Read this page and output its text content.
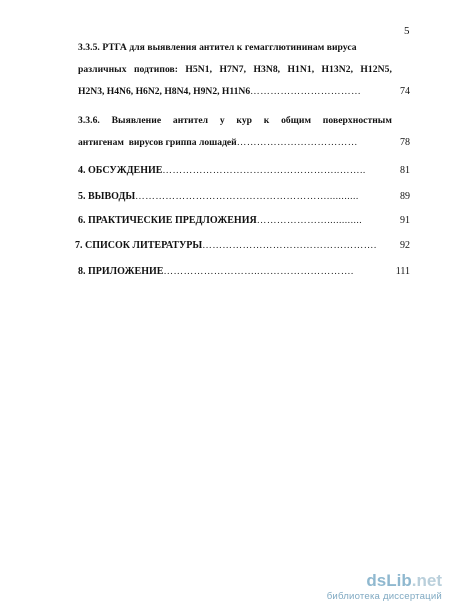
5
3.3.5. РТГА для выявления антител к гемагглютининам вируса
различных подтипов: H5N1, H7N7, H3N8, H1N1, H13N2, H12N5,
H2N3, H4N6, H6N2, H8N4, H9N2, H11N6 ……………………………	74
3.3.6. Выявление антител у кур к общим поверхностным
антигенам  вирусов гриппа лошадей ………………………………	78
4. ОБСУЖДЕНИЕ ……………………………………………..……..	81
5. ВЫВОДЫ …………………………………………………...........	89
6. ПРАКТИЧЕСКИЕ ПРЕДЛОЖЕНИЯ …………………............	91
7. СПИСОК ЛИТЕРАТУРЫ …………………………………………….	92
8. ПРИЛОЖЕНИЕ ………………………..……………………….	111
dsLib.net
библиотека диссертаций
